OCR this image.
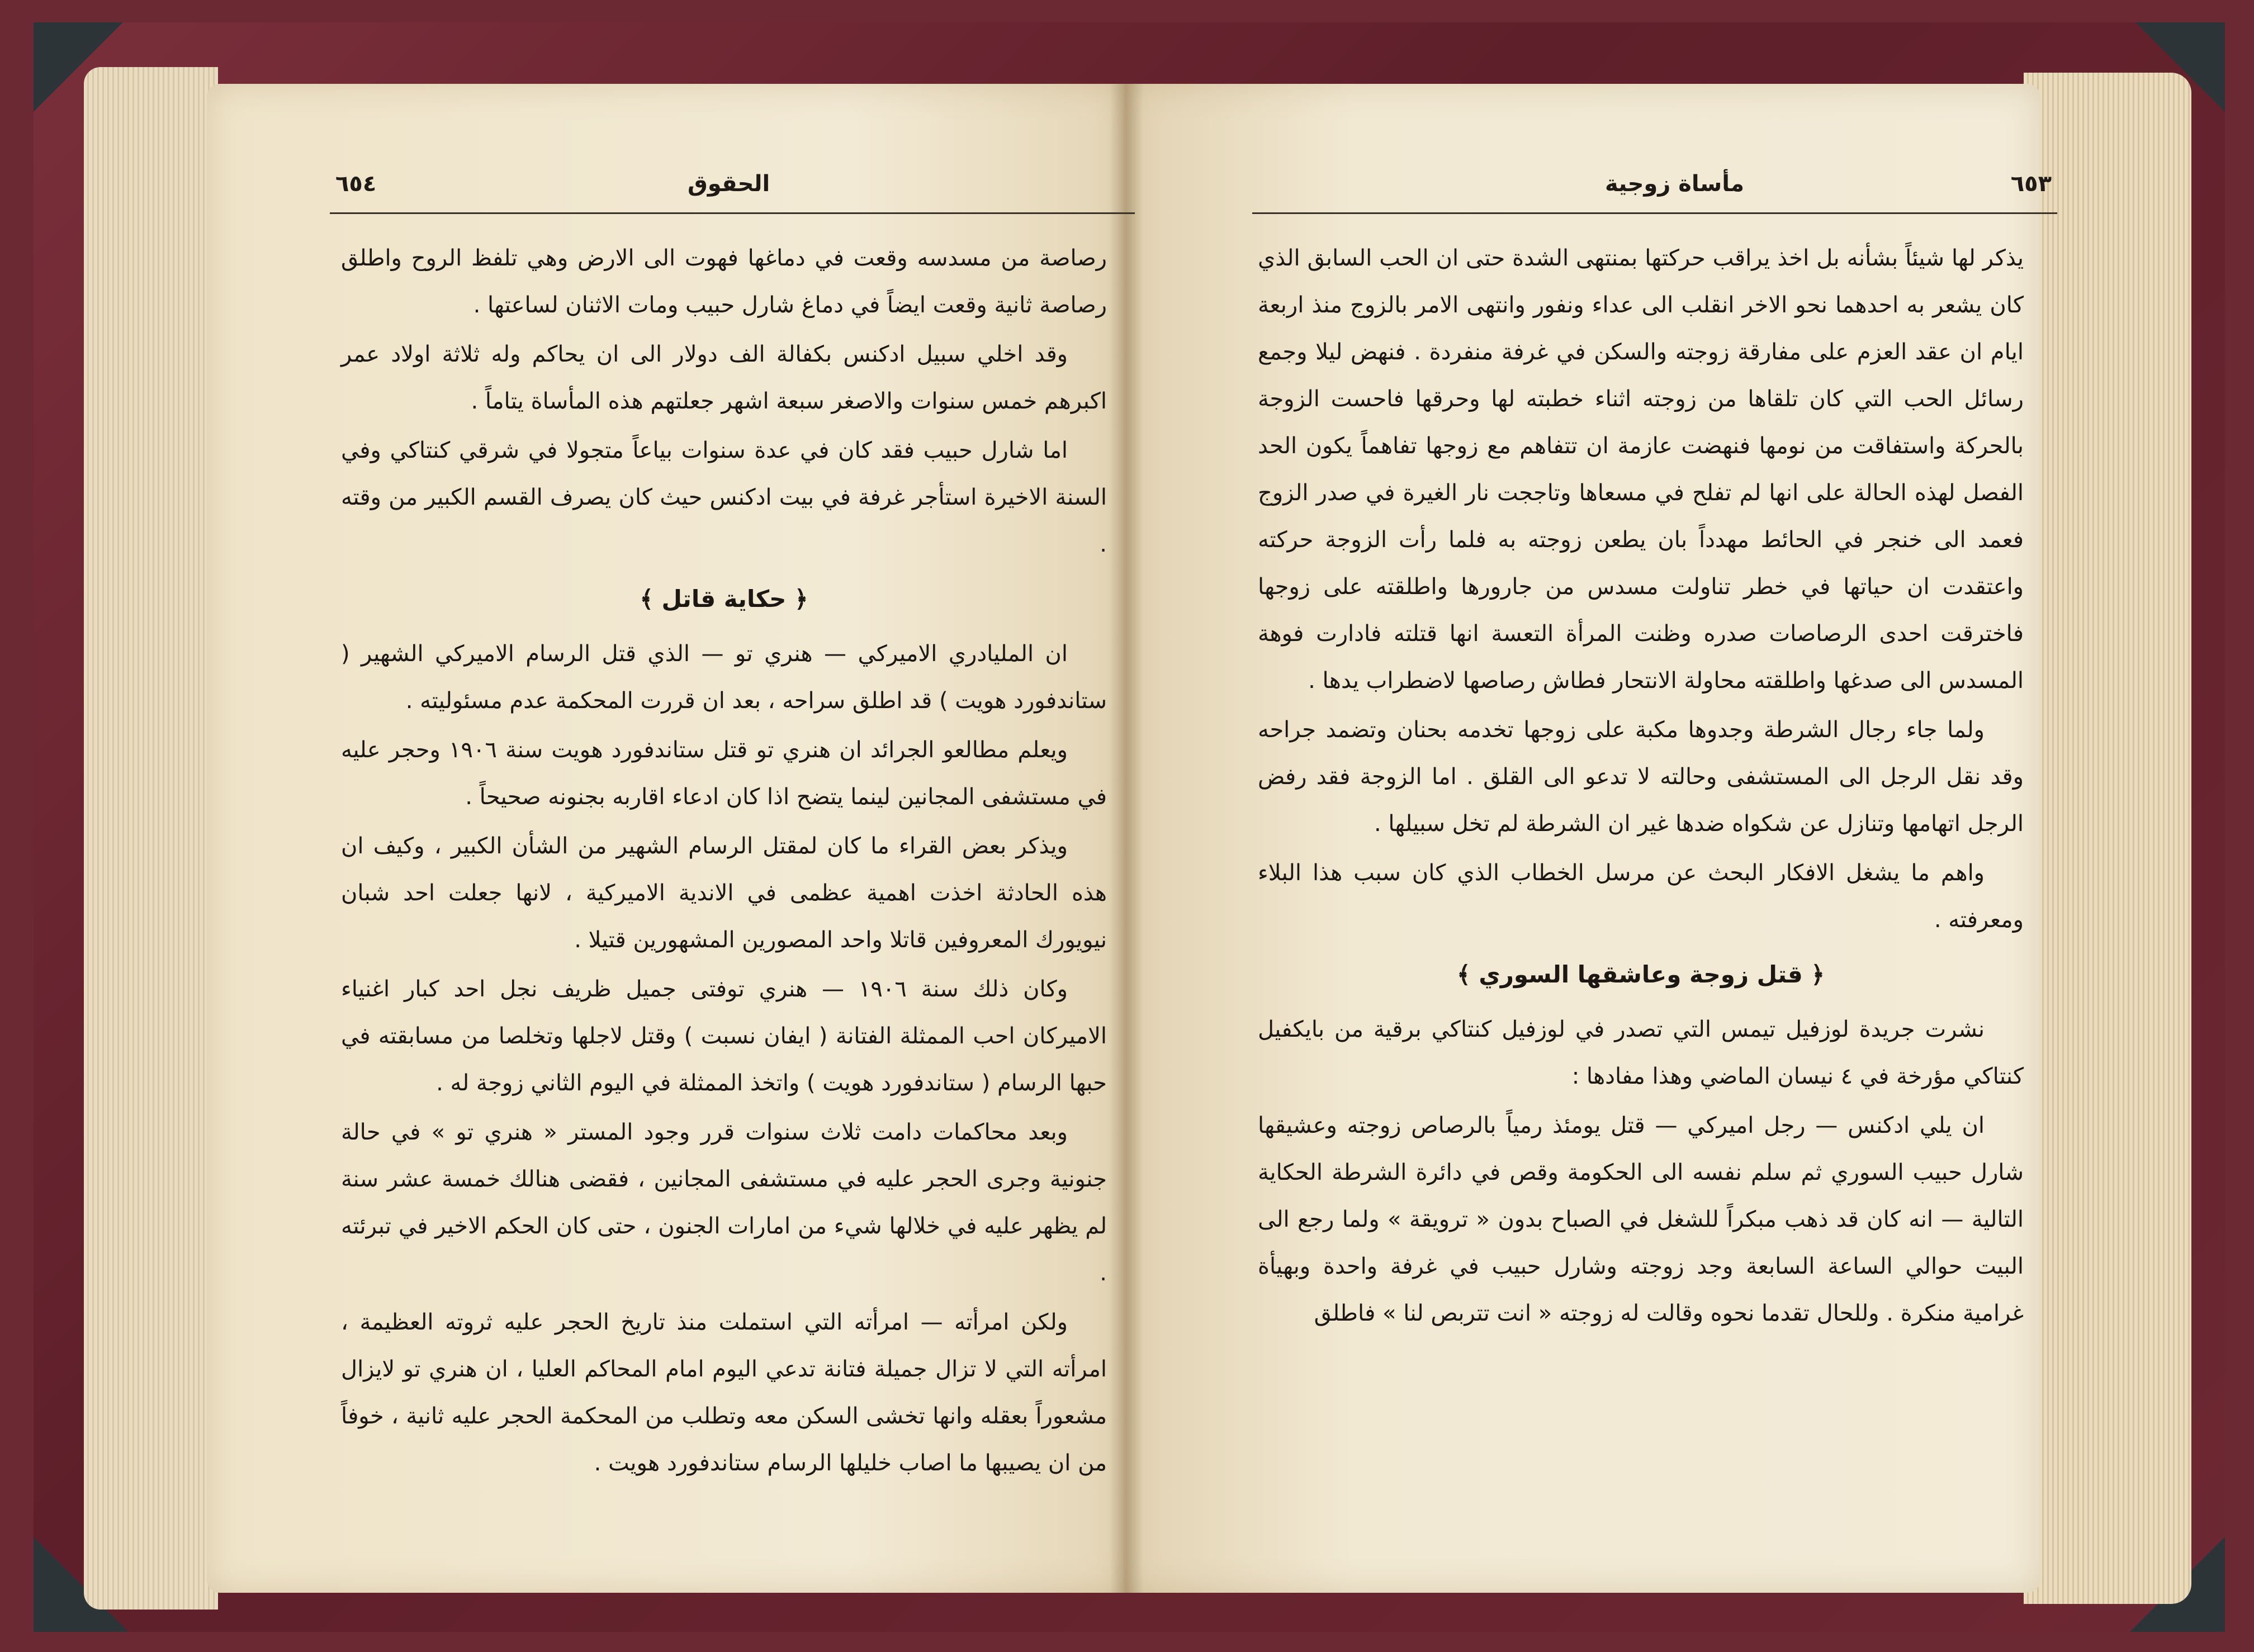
الحقوق
٦٥٤	٦٥٣
مأساة زوجية

رصاصة من مسدسه وقعت في دماغها فهوت الى الارض وهي تلفظ الروح واطلق رصاصة ثانية وقعت ايضاً في دماغ شارل حبيب ومات الاثنان لساعتها .

وقد اخلي سبيل ادكنس بكفالة الف دولار الى ان يحاكم وله ثلاثة اولاد عمر اكبرهم خمس سنوات والاصغر سبعة اشهر جعلتهم هذه المأساة يتاماً .

اما شارل حبيب فقد كان في عدة سنوات بياعاً متجولا في شرقي كنتاكي وفي السنة الاخيرة استأجر غرفة في بيت ادكنس حيث كان يصرف القسم الكبير من وقته .

﴿ حكاية قاتل ﴾

ان المليادري الاميركي — هنري تو — الذي قتل الرسام الاميركي الشهير ( ستاندفورد هويت ) قد اطلق سراحه ، بعد ان قررت المحكمة عدم مسئوليته .

ويعلم مطالعو الجرائد ان هنري تو قتل ستاندفورد هويت سنة ١٩٠٦ وحجر عليه في مستشفى المجانين لينما يتضح اذا كان ادعاء اقاربه بجنونه صحيحاً .

ويذكر بعض القراء ما كان لمقتل الرسام الشهير من الشأن الكبير ، وكيف ان هذه الحادثة اخذت اهمية عظمى في الاندية الاميركية ، لانها جعلت احد شبان نيويورك المعروفين قاتلا واحد المصورين المشهورين قتيلا .

وكان ذلك سنة ١٩٠٦ — هنري توفتى جميل ظريف نجل احد كبار اغنياء الاميركان احب الممثلة الفتانة ( ايفان نسبت ) وقتل لاجلها وتخلصا من مسابقته في حبها الرسام ( ستاندفورد هويت ) واتخذ الممثلة في اليوم الثاني زوجة له .

وبعد محاكمات دامت ثلاث سنوات قرر وجود المستر « هنري تو » في حالة جنونية وجرى الحجر عليه في مستشفى المجانين ، فقضى هنالك خمسة عشر سنة لم يظهر عليه في خلالها شيء من امارات الجنون ، حتى كان الحكم الاخير في تبرئته .

ولكن امرأته — امرأته التي استملت منذ تاريخ الحجر عليه ثروته العظيمة ، امرأته التي لا تزال جميلة فتانة تدعي اليوم امام المحاكم العليا ، ان هنري تو لايزال مشعوراً بعقله وانها تخشى السكن معه وتطلب من المحكمة الحجر عليه ثانية ، خوفاً من ان يصيبها ما اصاب خليلها الرسام ستاندفورد هويت .

يذكر لها شيئاً بشأنه بل اخذ يراقب حركتها بمنتهى الشدة حتى ان الحب السابق الذي كان يشعر به احدهما نحو الاخر انقلب الى عداء ونفور وانتهى الامر بالزوج منذ اربعة ايام ان عقد العزم على مفارقة زوجته والسكن في غرفة منفردة . فنهض ليلا وجمع رسائل الحب التي كان تلقاها من زوجته اثناء خطبته لها وحرقها فاحست الزوجة بالحركة واستفاقت من نومها فنهضت عازمة ان تتفاهم مع زوجها تفاهماً يكون الحد الفصل لهذه الحالة على انها لم تفلح في مسعاها وتاججت نار الغيرة في صدر الزوج فعمد الى خنجر في الحائط مهدداً بان يطعن زوجته به فلما رأت الزوجة حركته واعتقدت ان حياتها في خطر تناولت مسدس من جارورها واطلقته على زوجها فاخترقت احدى الرصاصات صدره وظنت المرأة التعسة انها قتلته فادارت فوهة المسدس الى صدغها واطلقته محاولة الانتحار فطاش رصاصها لاضطراب يدها .

ولما جاء رجال الشرطة وجدوها مكبة على زوجها تخدمه بحنان وتضمد جراحه وقد نقل الرجل الى المستشفى وحالته لا تدعو الى القلق . اما الزوجة فقد رفض الرجل اتهامها وتنازل عن شكواه ضدها غير ان الشرطة لم تخل سبيلها .

واهم ما يشغل الافكار البحث عن مرسل الخطاب الذي كان سبب هذا البلاء ومعرفته .

﴿ قتل زوجة وعاشقها السوري ﴾

نشرت جريدة لوزفيل تيمس التي تصدر في لوزفيل كنتاكي برقية من بايكفيل كنتاكي مؤرخة في ٤ نيسان الماضي وهذا مفادها :

ان يلي ادكنس — رجل اميركي — قتل يومئذ رمياً بالرصاص زوجته وعشيقها شارل حبيب السوري ثم سلم نفسه الى الحكومة وقص في دائرة الشرطة الحكاية التالية — انه كان قد ذهب مبكراً للشغل في الصباح بدون « ترويقة » ولما رجع الى البيت حوالي الساعة السابعة وجد زوجته وشارل حبيب في غرفة واحدة وبهيأة غرامية منكرة . وللحال تقدما نحوه وقالت له زوجته « انت تتربص لنا » فاطلق
